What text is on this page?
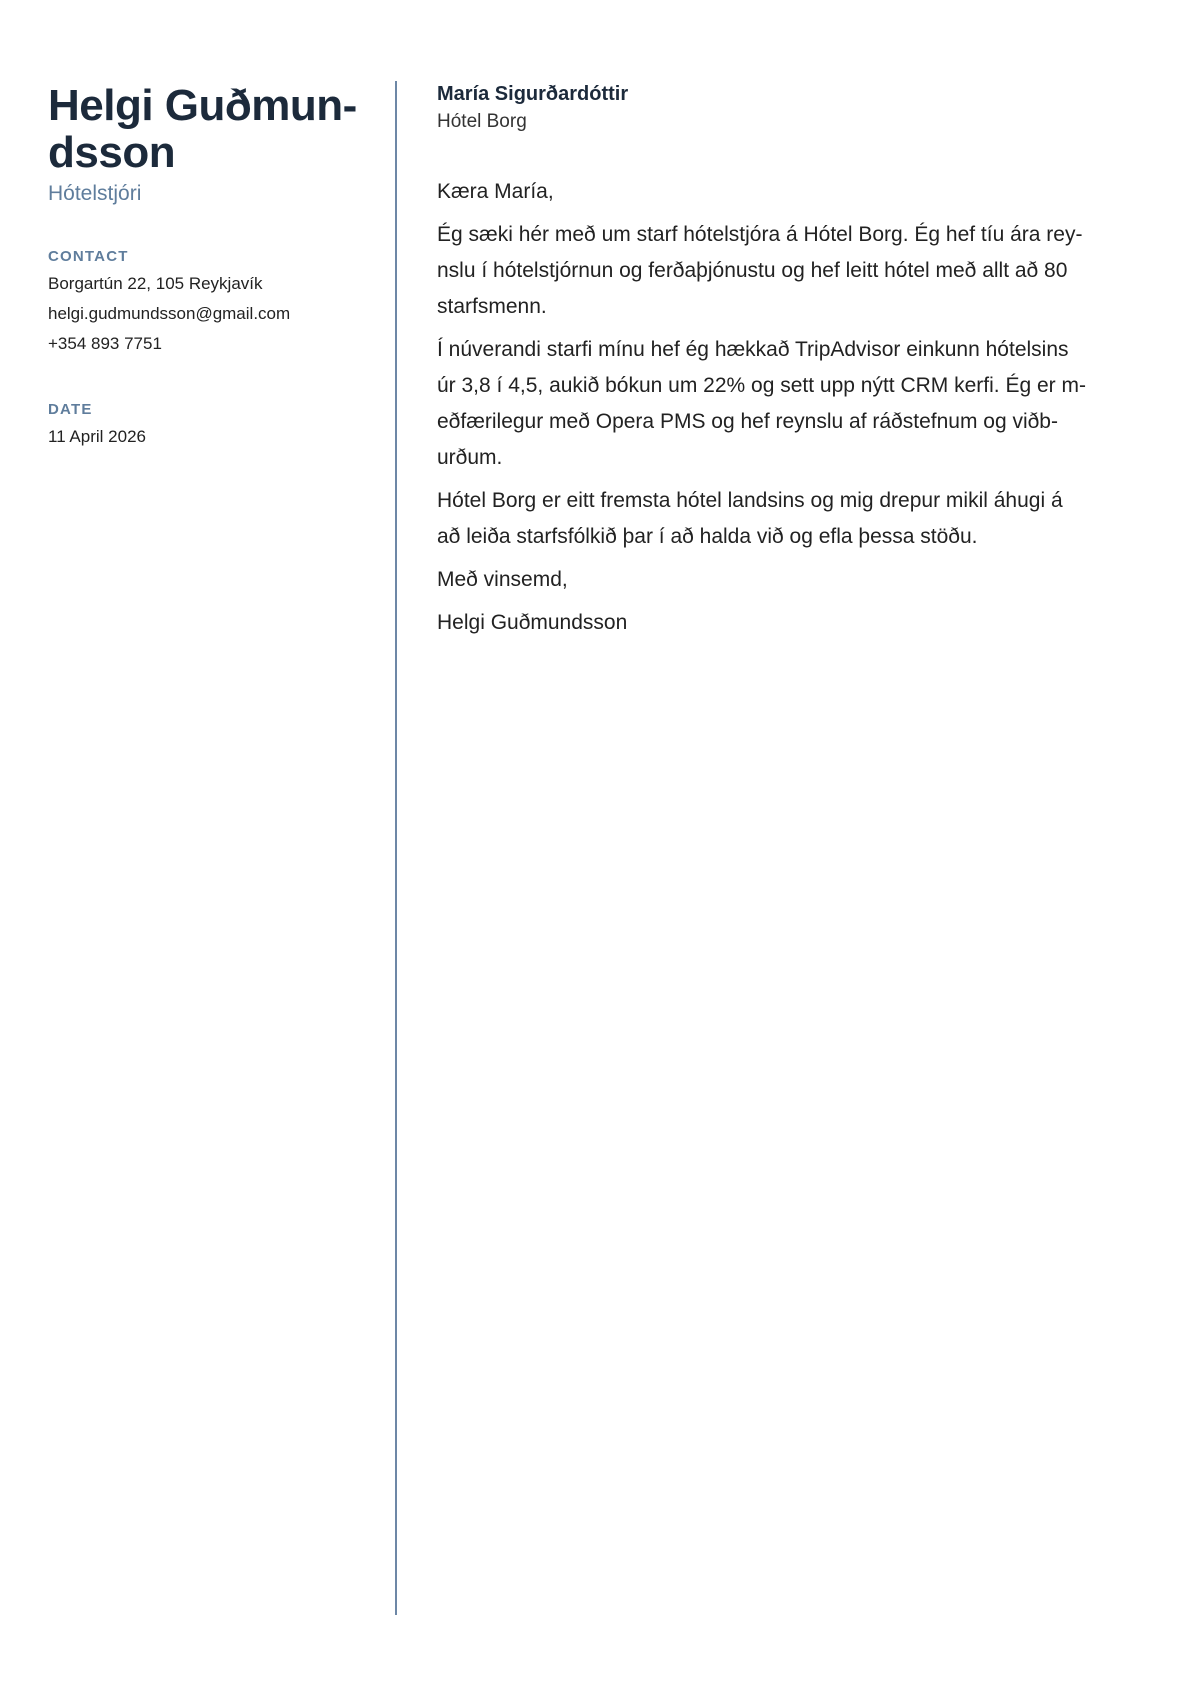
Helgi Guðmun-
dsson
Hótelstjóri
CONTACT
Borgartún 22, 105 Reykjavík
helgi.gudmundsson@gmail.com
+354 893 7751
DATE
11 April 2026
María Sigurðardóttir
Hótel Borg
Kæra María,
Ég sæki hér með um starf hótelstjóra á Hótel Borg. Ég hef tíu ára rey-
nslu í hótelstjórnun og ferðaþjónustu og hef leitt hótel með allt að 80
starfsmenn.
Í núverandi starfi mínu hef ég hækkað TripAdvisor einkunn hótelsins
úr 3,8 í 4,5, aukið bókun um 22% og sett upp nýtt CRM kerfi. Ég er m-
eðfærilegur með Opera PMS og hef reynslu af ráðstefnum og viðb-
urðum.
Hótel Borg er eitt fremsta hótel landsins og mig drepur mikil áhugi á
að leiða starfsfólkið þar í að halda við og efla þessa stöðu.
Með vinsemd,
Helgi Guðmundsson
